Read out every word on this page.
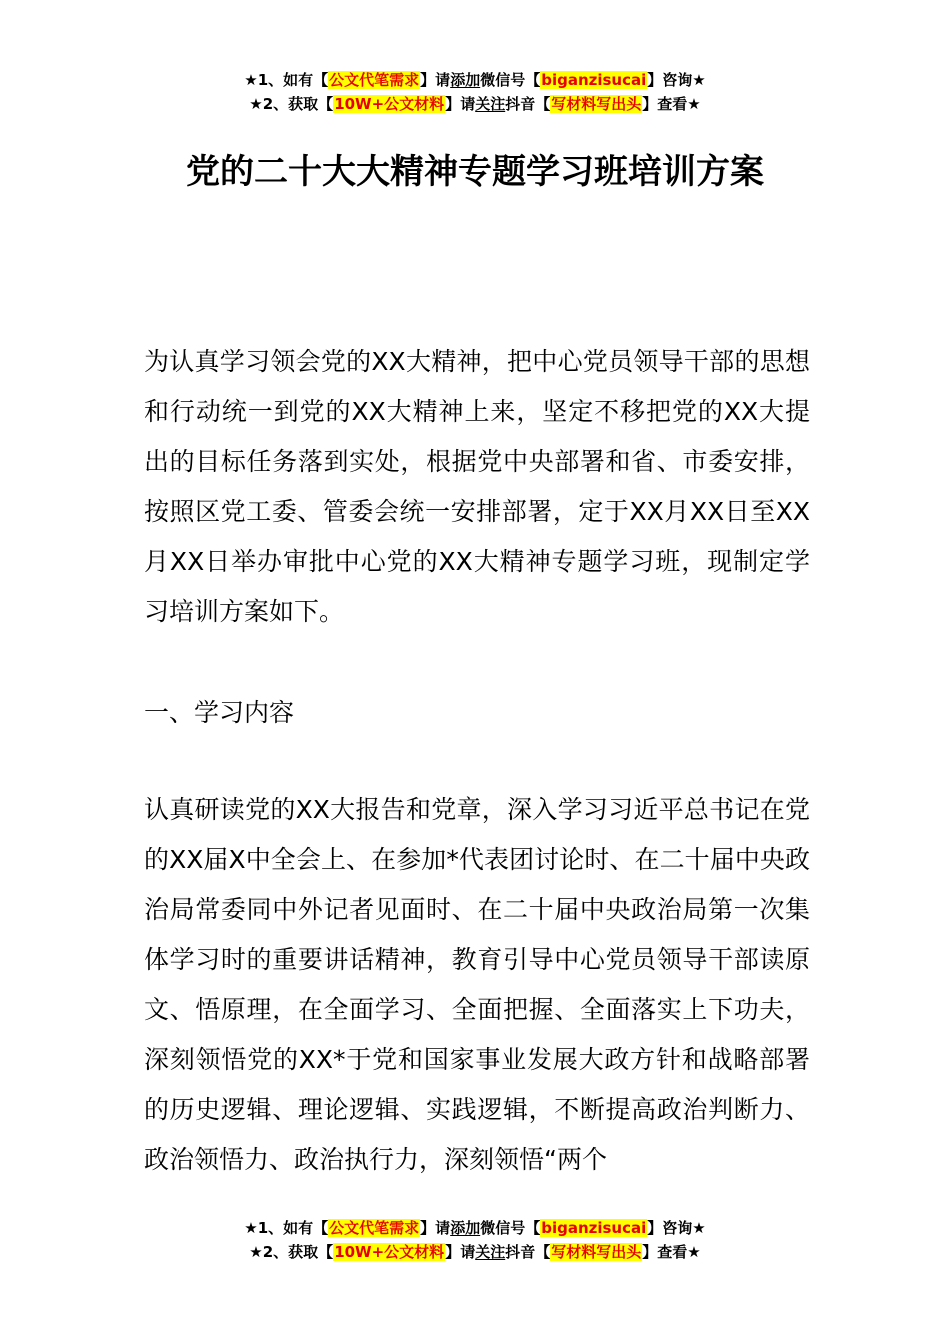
★1、如有【公文代笔需求】请添加微信号【biganzisucai】咨询★
★2、获取【10W+公文材料】请关注抖音【写材料写出头】查看★
党的二十大大精神专题学习班培训方案

为认真学习领会党的XX大精神，把中心党员领导干部的思想和行动统一到党的XX大精神上来，坚定不移把党的XX大提出的目标任务落到实处，根据党中央部署和省、市委安排，按照区党工委、管委会统一安排部署，定于XX月XX日至XX月XX日举办审批中心党的XX大精神专题学习班，现制定学习培训方案如下。

一、学习内容

认真研读党的XX大报告和党章，深入学习习近平总书记在党的XX届X中全会上、在参加*代表团讨论时、在二十届中央政治局常委同中外记者见面时、在二十届中央政治局第一次集体学习时的重要讲话精神，教育引导中心党员领导干部读原文、悟原理，在全面学习、全面把握、全面落实上下功夫，深刻领悟党的XX*于党和国家事业发展大政方针和战略部署的历史逻辑、理论逻辑、实践逻辑，不断提高政治判断力、政治领悟力、政治执行力，深刻领悟“两个

★1、如有【公文代笔需求】请添加微信号【biganzisucai】咨询★
★2、获取【10W+公文材料】请关注抖音【写材料写出头】查看★
